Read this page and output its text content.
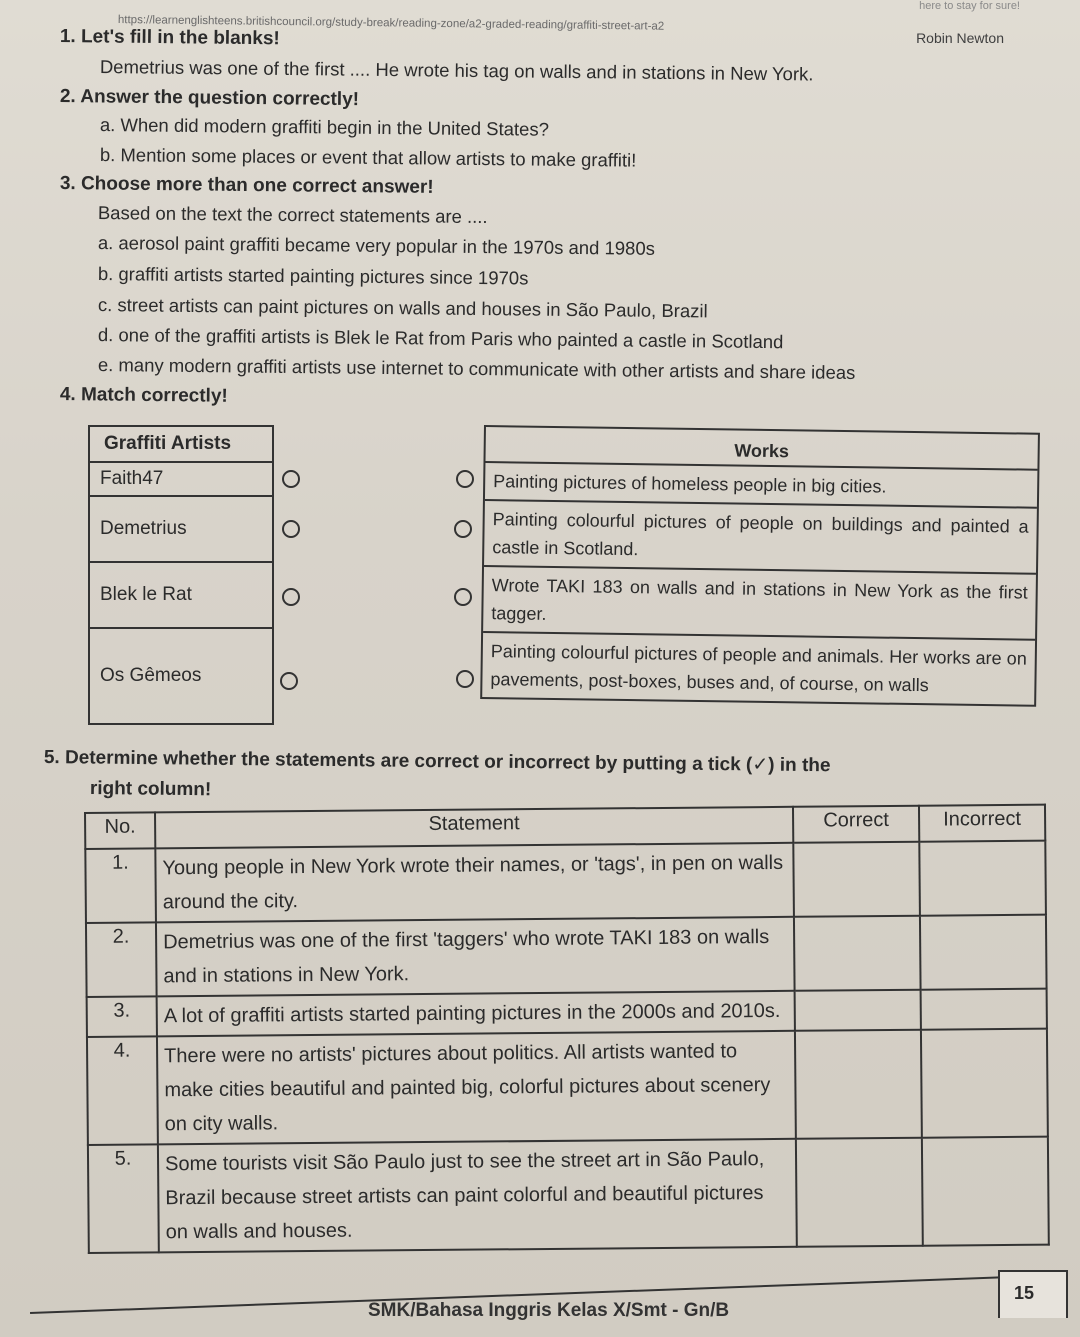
here to stay for sure!
https://learnenglishteens.britishcouncil.org/study-break/reading-zone/a2-graded-reading/graffiti-street-art-a2
Robin Newton
1. Let's fill in the blanks!
Demetrius was one of the first .... He wrote his tag on walls and in stations in New York.
2. Answer the question correctly!
a. When did modern graffiti begin in the United States?
b. Mention some places or event that allow artists to make graffiti!
3. Choose more than one correct answer!
Based on the text the correct statements are ....
a. aerosol paint graffiti became very popular in the 1970s and 1980s
b. graffiti artists started painting pictures since 1970s
c. street artists can paint pictures on walls and houses in São Paulo, Brazil
d. one of the graffiti artists is Blek le Rat from Paris who painted a castle in Scotland
e. many modern graffiti artists use internet to communicate with other artists and share ideas
4. Match correctly!
Graffiti Artists
Faith47
Demetrius
Blek le Rat
Os Gêmeos
Works
Painting pictures of homeless people in big cities.
Painting colourful pictures of people on buildings and painted a castle in Scotland.
Wrote TAKI 183 on walls and in stations in New York as the first tagger.
Painting colourful pictures of people and animals. Her works are on pavements, post-boxes, buses and, of course, on walls
5. Determine whether the statements are correct or incorrect by putting a tick (✓) in the
right column!
No.	Statement	Correct	Incorrect
1.	Young people in New York wrote their names, or 'tags', in pen on walls around the city.		
2.	Demetrius was one of the first 'taggers' who wrote TAKI 183 on walls and in stations in New York.		
3.	A lot of graffiti artists started painting pictures in the 2000s and 2010s.		
4.	There were no artists' pictures about politics. All artists wanted to make cities beautiful and painted big, colorful pictures about scenery on city walls.		
5.	Some tourists visit São Paulo just to see the street art in São Paulo, Brazil because street artists can paint colorful and beautiful pictures on walls and houses.		
15
SMK/Bahasa Inggris Kelas X/Smt - Gn/B
